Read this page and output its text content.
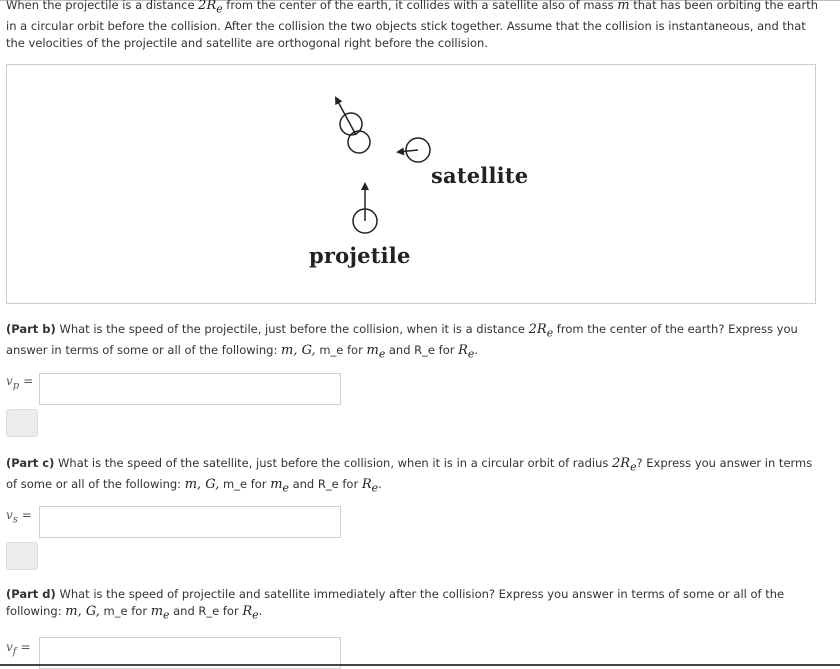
When the projectile is a distance $2R_e$ from the center of the earth, it collides with a satellite also of mass m that has been orbiting the earth in a circular orbit before the collision. After the collision the two objects stick together. Assume that the collision is instantaneous, and that the velocities of the projectile and satellite are orthogonal right before the collision.
satellite
projetile
(Part b) What is the speed of the projectile, just before the collision, when it is a distance $2R_e$ from the center of the earth? Express you answer in terms of some or all of the following: m, G, m_e for $m_e$ and R_e for $R_e$.
$v_p$ =
(Part c) What is the speed of the satellite, just before the collision, when it is in a circular orbit of radius $2R_e$? Express you answer in terms of some or all of the following: m, G, m_e for $m_e$ and R_e for $R_e$.
$v_s$ =
(Part d) What is the speed of projectile and satellite immediately after the collision? Express you answer in terms of some or all of the following: m, G, m_e for $m_e$ and R_e for $R_e$.
$v_f$ =
